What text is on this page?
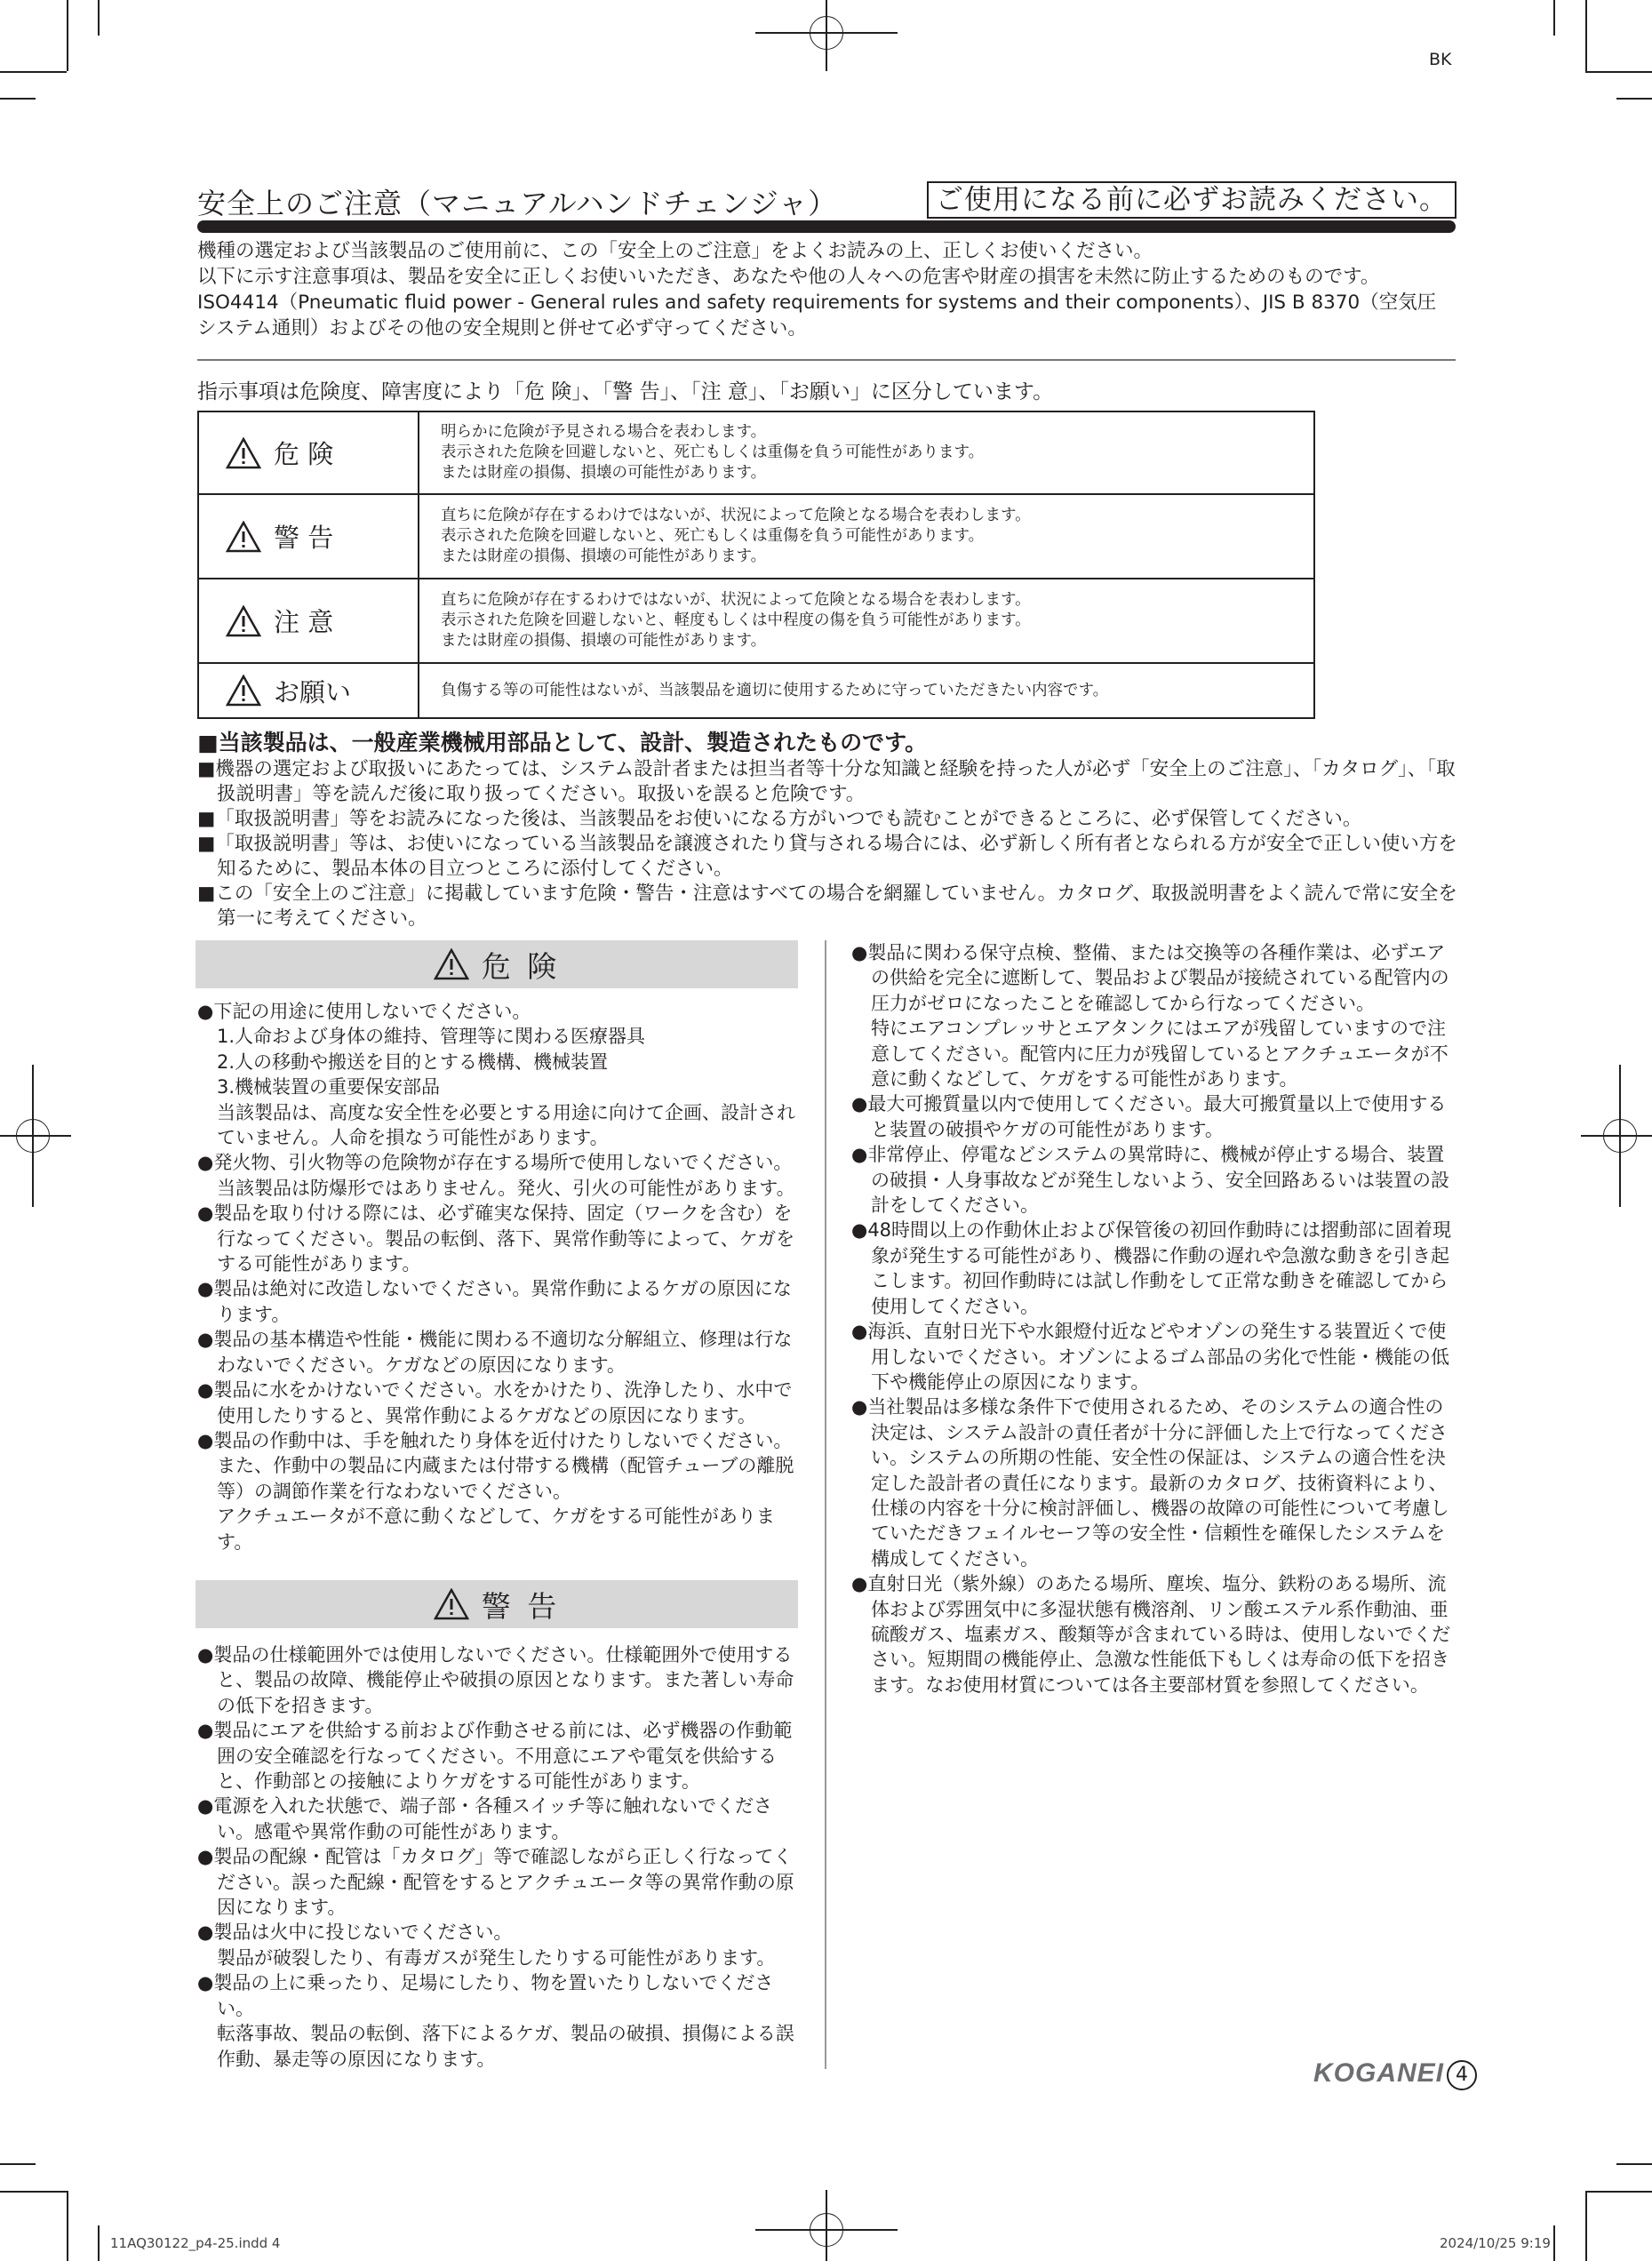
BK
安全上のご注意（マニュアルハンドチェンジャ）	ご使用になる前に必ずお読みください。

機種の選定および当該製品のご使用前に、この「安全上のご注意」をよくお読みの上、正しくお使いください。

以下に示す注意事項は、製品を安全に正しくお使いいただき、あなたや他の人々への危害や財産の損害を未然に防止するためのものです。

ISO4414（Pneumatic fluid power - General rules and safety requirements for systems and their components）、JIS B 8370（空気圧

システム通則）およびその他の安全規則と併せて必ず守ってください。

指示事項は危険度、障害度により「危 険」、「警 告」、「注 意」、「お願い」に区分しています。
危 険	明らかに危険が予見される場合を表わします。
表示された危険を回避しないと、死亡もしくは重傷を負う可能性があります。
または財産の損傷、損壊の可能性があります。

警 告	直ちに危険が存在するわけではないが、状況によって危険となる場合を表わします。
表示された危険を回避しないと、死亡もしくは重傷を負う可能性があります。
または財産の損傷、損壊の可能性があります。

注 意	直ちに危険が存在するわけではないが、状況によって危険となる場合を表わします。
表示された危険を回避しないと、軽度もしくは中程度の傷を負う可能性があります。
または財産の損傷、損壊の可能性があります。

お願い	負傷する等の可能性はないが、当該製品を適切に使用するために守っていただきたい内容です。
■当該製品は、一般産業機械用部品として、設計、製造されたものです。

■機器の選定および取扱いにあたっては、システム設計者または担当者等十分な知識と経験を持った人が必ず「安全上のご注意」、「カタログ」、「取扱説明書」等を読んだ後に取り扱ってください。取扱いを誤ると危険です。

■「取扱説明書」等をお読みになった後は、当該製品をお使いになる方がいつでも読むことができるところに、必ず保管してください。

■「取扱説明書」等は、お使いになっている当該製品を譲渡されたり貸与される場合には、必ず新しく所有者となられる方が安全で正しい使い方を知るために、製品本体の目立つところに添付してください。

■この「安全上のご注意」に掲載しています危険・警告・注意はすべての場合を網羅していません。カタログ、取扱説明書をよく読んで常に安全を第一に考えてください。

危 険

●下記の用途に使用しないでください。

1.人命および身体の維持、管理等に関わる医療器具

2.人の移動や搬送を目的とする機構、機械装置

3.機械装置の重要保安部品

当該製品は、高度な安全性を必要とする用途に向けて企画、設計されていません。人命を損なう可能性があります。

●発火物、引火物等の危険物が存在する場所で使用しないでください。当該製品は防爆形ではありません。発火、引火の可能性があります。

●製品を取り付ける際には、必ず確実な保持、固定（ワークを含む）を行なってください。製品の転倒、落下、異常作動等によって、ケガをする可能性があります。

●製品は絶対に改造しないでください。異常作動によるケガの原因になります。

●製品の基本構造や性能・機能に関わる不適切な分解組立、修理は行なわないでください。ケガなどの原因になります。

●製品に水をかけないでください。水をかけたり、洗浄したり、水中で使用したりすると、異常作動によるケガなどの原因になります。

●製品の作動中は、手を触れたり身体を近付けたりしないでください。

また、作動中の製品に内蔵または付帯する機構（配管チューブの離脱等）の調節作業を行なわないでください。

アクチュエータが不意に動くなどして、ケガをする可能性があります。

警 告

●製品の仕様範囲外では使用しないでください。仕様範囲外で使用すると、製品の故障、機能停止や破損の原因となります。また著しい寿命の低下を招きます。

●製品にエアを供給する前および作動させる前には、必ず機器の作動範囲の安全確認を行なってください。不用意にエアや電気を供給すると、作動部との接触によりケガをする可能性があります。

●電源を入れた状態で、端子部・各種スイッチ等に触れないでください。感電や異常作動の可能性があります。

●製品の配線・配管は「カタログ」等で確認しながら正しく行なってください。誤った配線・配管をするとアクチュエータ等の異常作動の原因になります。

●製品は火中に投じないでください。

製品が破裂したり、有毒ガスが発生したりする可能性があります。

●製品の上に乗ったり、足場にしたり、物を置いたりしないでください。

転落事故、製品の転倒、落下によるケガ、製品の破損、損傷による誤作動、暴走等の原因になります。

●製品に関わる保守点検、整備、または交換等の各種作業は、必ずエアの供給を完全に遮断して、製品および製品が接続されている配管内の圧力がゼロになったことを確認してから行なってください。

特にエアコンプレッサとエアタンクにはエアが残留していますので注意してください。配管内に圧力が残留しているとアクチュエータが不意に動くなどして、ケガをする可能性があります。

●最大可搬質量以内で使用してください。最大可搬質量以上で使用すると装置の破損やケガの可能性があります。

●非常停止、停電などシステムの異常時に、機械が停止する場合、装置の破損・人身事故などが発生しないよう、安全回路あるいは装置の設計をしてください。

●48時間以上の作動休止および保管後の初回作動時には摺動部に固着現象が発生する可能性があり、機器に作動の遅れや急激な動きを引き起こします。初回作動時には試し作動をして正常な動きを確認してから使用してください。

●海浜、直射日光下や水銀燈付近などやオゾンの発生する装置近くで使用しないでください。オゾンによるゴム部品の劣化で性能・機能の低下や機能停止の原因になります。

●当社製品は多様な条件下で使用されるため、そのシステムの適合性の決定は、システム設計の責任者が十分に評価した上で行なってください。システムの所期の性能、安全性の保証は、システムの適合性を決定した設計者の責任になります。最新のカタログ、技術資料により、仕様の内容を十分に検討評価し、機器の故障の可能性について考慮していただきフェイルセーフ等の安全性・信頼性を確保したシステムを構成してください。

●直射日光（紫外線）のあたる場所、塵埃、塩分、鉄粉のある場所、流体および雰囲気中に多湿状態有機溶剤、リン酸エステル系作動油、亜硫酸ガス、塩素ガス、酸類等が含まれている時は、使用しないでください。短期間の機能停止、急激な性能低下もしくは寿命の低下を招きます。なお使用材質については各主要部材質を参照してください。

KOGANEI 4
11AQ30122_p4-25.indd 4	2024/10/25 9:19
